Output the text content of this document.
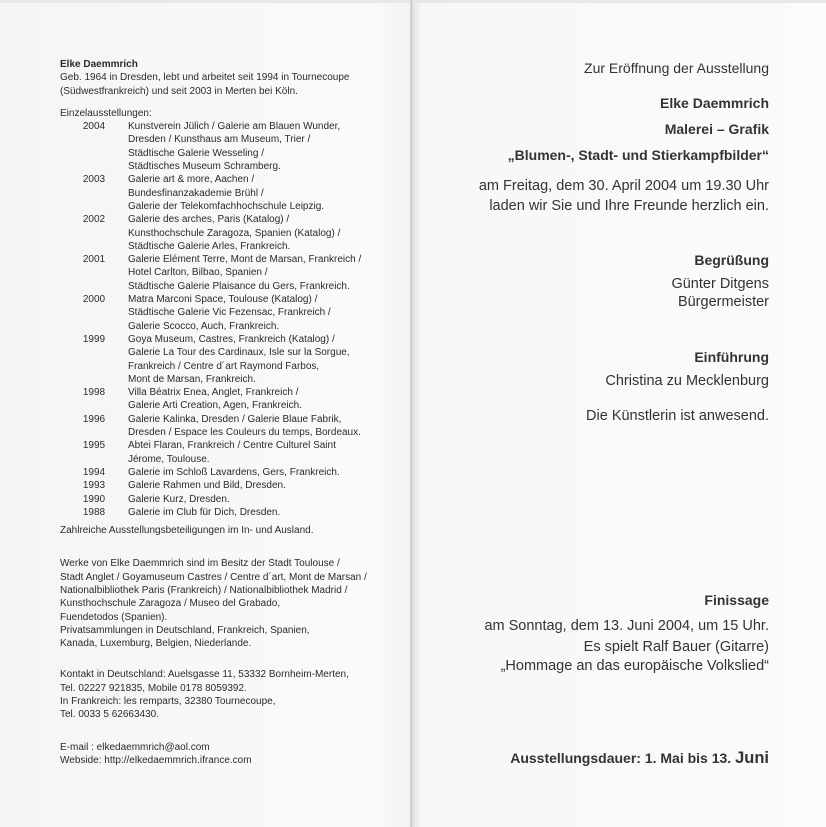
Elke Daemmrich

Geb. 1964 in Dresden, lebt und arbeitet seit 1994 in Tournecoupe

(Südwestfrankreich) und seit 2003 in Merten bei Köln.

Einzelausstellungen:

2004	Kunstverein Jülich / Galerie am Blauen Wunder,
Dresden / Kunsthaus am Museum, Trier /
Städtische Galerie Wesseling /
Städtisches Museum Schramberg.
2003	Galerie art & more, Aachen /
Bundesfinanzakademie Brühl /
Galerie der Telekomfachhochschule Leipzig.
2002	Galerie des arches, Paris (Katalog) /
Kunsthochschule Zaragoza, Spanien (Katalog) /
Städtische Galerie Arles, Frankreich.
2001	Galerie Elément Terre, Mont de Marsan, Frankreich /
Hotel Carlton, Bilbao, Spanien /
Städtische Galerie Plaisance du Gers, Frankreich.
2000	Matra Marconi Space, Toulouse (Katalog) /
Städtische Galerie Vic Fezensac, Frankreich /
Galerie Scocco, Auch, Frankreich.
1999	Goya Museum, Castres, Frankreich (Katalog) /
Galerie La Tour des Cardinaux, Isle sur la Sorgue,
Frankreich / Centre d´art Raymond Farbos,
Mont de Marsan, Frankreich.
1998	Villa Béatrix Enea, Anglet, Frankreich /
Galerie Arti Creation, Agen, Frankreich.
1996	Galerie Kalinka, Dresden / Galerie Blaue Fabrik,
Dresden / Espace les Couleurs du temps, Bordeaux.
1995	Abtei Flaran, Frankreich / Centre Culturel Saint
Jérome, Toulouse.
1994	Galerie im Schloß Lavardens, Gers, Frankreich.
1993	Galerie Rahmen und Bild, Dresden.
1990	Galerie Kurz, Dresden.
1988	Galerie im Club für Dich, Dresden.

Zahlreiche Ausstellungsbeteiligungen im In- und Ausland.

Werke von Elke Daemmrich sind im Besitz der Stadt Toulouse /
Stadt Anglet / Goyamuseum Castres / Centre d´art, Mont de Marsan /
Nationalbibliothek Paris (Frankreich) / Nationalbibliothek Madrid /
Kunsthochschule Zaragoza / Museo del Grabado,
Fuendetodos (Spanien).
Privatsammlungen in Deutschland, Frankreich, Spanien,
Kanada, Luxemburg, Belgien, Niederlande.
Kontakt in Deutschland: Auelsgasse 11, 53332 Bornheim-Merten,
Tel. 02227 921835, Mobile 0178 8059392.
In Frankreich: les remparts, 32380 Tournecoupe,
Tel. 0033 5 62663430.
E-mail : elkedaemmrich@aol.com
Webside: http://elkedaemmrich.ifrance.com
Zur Eröffnung der Ausstellung
Elke Daemmrich
Malerei – Grafik
„Blumen-, Stadt- und Stierkampfbilder“
am Freitag, dem 30. April 2004 um 19.30 Uhr
laden wir Sie und Ihre Freunde herzlich ein.
Begrüßung
Günter Ditgens
Bürgermeister
Einführung
Christina zu Mecklenburg
Die Künstlerin ist anwesend.
Finissage
am Sonntag, dem 13. Juni 2004, um 15 Uhr.
Es spielt Ralf Bauer (Gitarre)
„Hommage an das europäische Volkslied“
Ausstellungsdauer: 1. Mai bis 13. Juni
